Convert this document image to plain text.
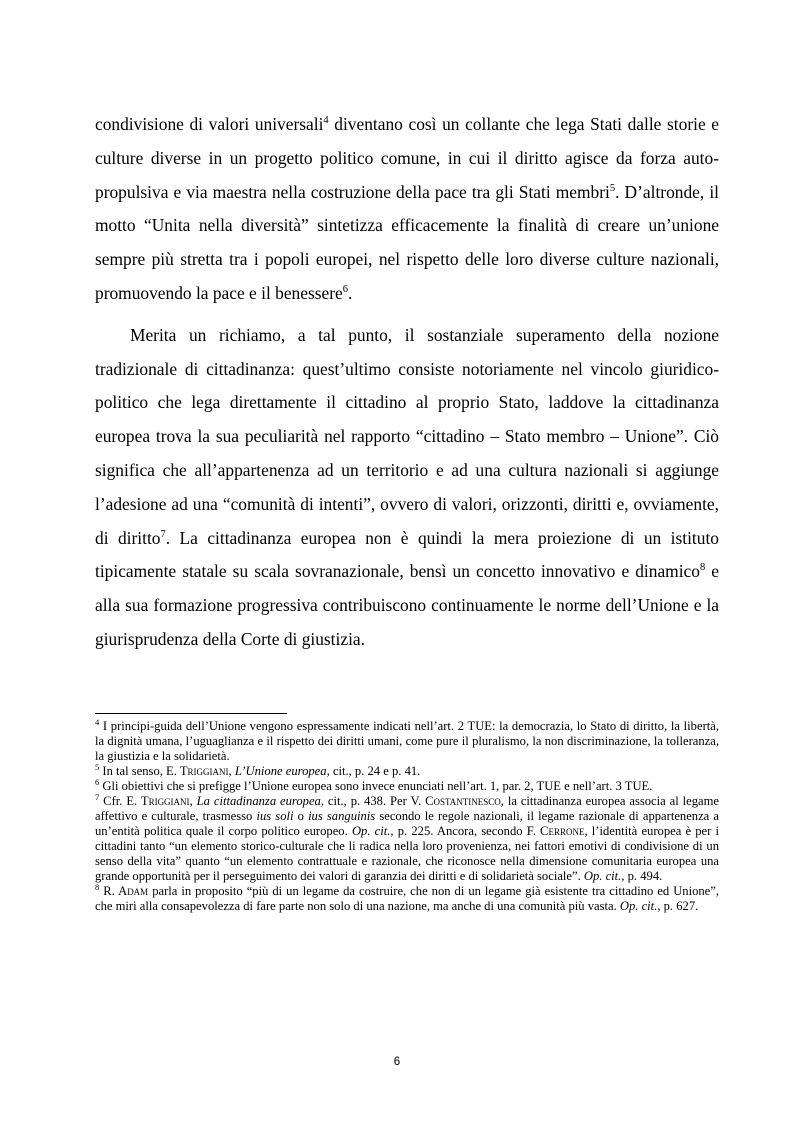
condivisione di valori universali$^4$ diventano così un collante che lega Stati dalle storie e culture diverse in un progetto politico comune, in cui il diritto agisce da forza auto-propulsiva e via maestra nella costruzione della pace tra gli Stati membri$^5$. D’altronde, il motto “Unita nella diversità” sintetizza efficacemente la finalità di creare un’unione sempre più stretta tra i popoli europei, nel rispetto delle loro diverse culture nazionali, promuovendo la pace e il benessere$^6$.

Merita un richiamo, a tal punto, il sostanziale superamento della nozione tradizionale di cittadinanza: quest’ultimo consiste notoriamente nel vincolo giuridico-politico che lega direttamente il cittadino al proprio Stato, laddove la cittadinanza europea trova la sua peculiarità nel rapporto “cittadino – Stato membro – Unione”. Ciò significa che all’appartenenza ad un territorio e ad una cultura nazionali si aggiunge l’adesione ad una “comunità di intenti”, ovvero di valori, orizzonti, diritti e, ovviamente, di diritto$^7$. La cittadinanza europea non è quindi la mera proiezione di un istituto tipicamente statale su scala sovranazionale, bensì un concetto innovativo e dinamico$^8$ e alla sua formazione progressiva contribuiscono continuamente le norme dell’Unione e la giurisprudenza della Corte di giustizia.

$^4$ I principi-guida dell’Unione vengono espressamente indicati nell’art. 2 TUE: la democrazia, lo Stato di diritto, la libertà, la dignità umana, l’uguaglianza e il rispetto dei diritti umani, come pure il pluralismo, la non discriminazione, la tolleranza, la giustizia e la solidarietà.

$^5$ In tal senso, E. Triggiani, L’Unione europea, cit., p. 24 e p. 41.

$^6$ Gli obiettivi che si prefigge l’Unione europea sono invece enunciati nell’art. 1, par. 2, TUE e nell’art. 3 TUE.

$^7$ Cfr. E. Triggiani, La cittadinanza europea, cit., p. 438. Per V. Costantinesco, la cittadinanza europea associa al legame affettivo e culturale, trasmesso ius soli o ius sanguinis secondo le regole nazionali, il legame razionale di appartenenza a un’entità politica quale il corpo politico europeo. Op. cit., p. 225. Ancora, secondo F. Cerrone, l’identità europea è per i cittadini tanto “un elemento storico-culturale che li radica nella loro provenienza, nei fattori emotivi di condivisione di un senso della vita” quanto “un elemento contrattuale e razionale, che riconosce nella dimensione comunitaria europea una grande opportunità per il perseguimento dei valori di garanzia dei diritti e di solidarietà sociale”. Op. cit., p. 494.

$^8$ R. Adam parla in proposito “più di un legame da costruire, che non di un legame già esistente tra cittadino ed Unione”, che miri alla consapevolezza di fare parte non solo di una nazione, ma anche di una comunità più vasta. Op. cit., p. 627.

6
